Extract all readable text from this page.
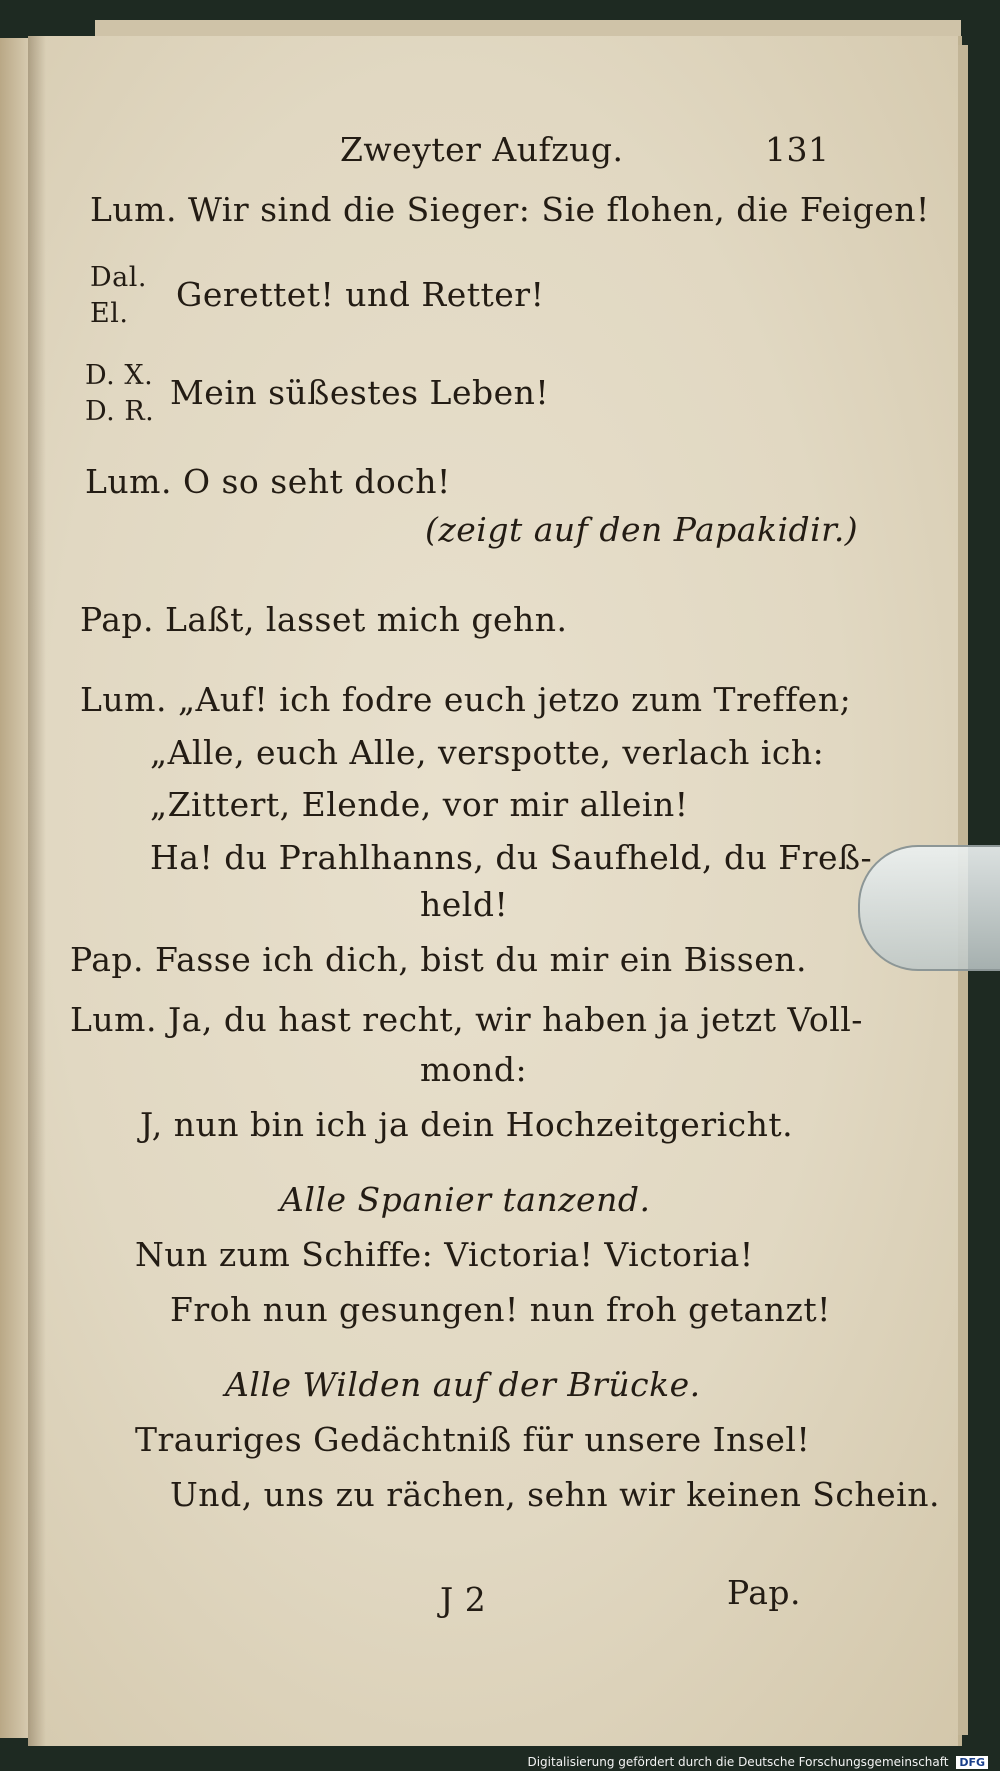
Zweyter Aufzug.	131
Lum. Wir sind die Sieger: Sie flohen, die Feigen!
Dal.
El. Gerettet! und Retter!
D. X.
D. R. Mein süßestes Leben!
Lum. O so seht doch!
(zeigt auf den Papakidir.)
Pap. Laßt, lasset mich gehn.
Lum. „Auf! ich fodre euch jetzo zum Treffen;
„Alle, euch Alle, verspotte, verlach ich:
„Zittert, Elende, vor mir allein!
Ha! du Prahlhanns, du Saufheld, du Freß-
held!
Pap. Fasse ich dich, bist du mir ein Bissen.
Lum. Ja, du hast recht, wir haben ja jetzt Voll-
mond:
J, nun bin ich ja dein Hochzeitgericht.
Alle Spanier tanzend.
Nun zum Schiffe: Victoria! Victoria!
Froh nun gesungen! nun froh getanzt!
Alle Wilden auf der Brücke.
Trauriges Gedächtniß für unsere Insel!
Und, uns zu rächen, sehn wir keinen Schein.
J 2	Pap.
Digitalisierung gefördert durch die Deutsche Forschungsgemeinschaft DFG
